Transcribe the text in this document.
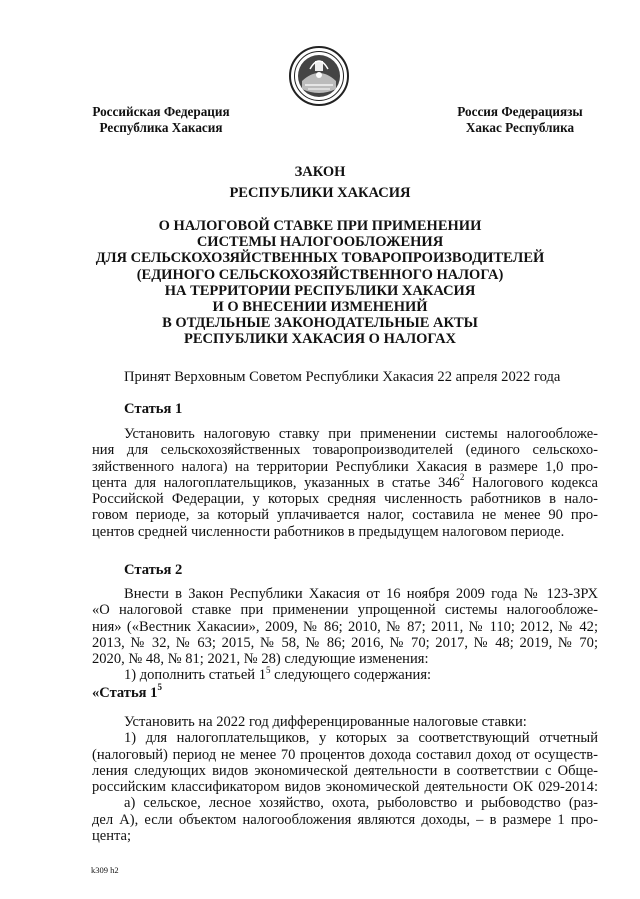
Российская Федерация
Республика Хакасия
Россия Федерациязы
Хакас Республика
ЗАКОН
РЕСПУБЛИКИ ХАКАСИЯ
О НАЛОГОВОЙ СТАВКЕ ПРИ ПРИМЕНЕНИИ
СИСТЕМЫ НАЛОГООБЛОЖЕНИЯ
ДЛЯ СЕЛЬСКОХОЗЯЙСТВЕННЫХ ТОВАРОПРОИЗВОДИТЕЛЕЙ
(ЕДИНОГО СЕЛЬСКОХОЗЯЙСТВЕННОГО НАЛОГА)
НА ТЕРРИТОРИИ РЕСПУБЛИКИ ХАКАСИЯ
И О ВНЕСЕНИИ ИЗМЕНЕНИЙ
В ОТДЕЛЬНЫЕ ЗАКОНОДАТЕЛЬНЫЕ АКТЫ
РЕСПУБЛИКИ ХАКАСИЯ О НАЛОГАХ
Принят Верховным Советом Республики Хакасия 22 апреля 2022 года
Статья 1
Установить налоговую ставку при применении системы налогообложе-
ния для сельскохозяйственных товаропроизводителей (единого сельскохо-
зяйственного налога) на территории Республики Хакасия в размере 1,0 про-
цента для налогоплательщиков, указанных в статье $346^2$ Налогового кодекса
Российской Федерации, у которых средняя численность работников в нало-
говом периоде, за который уплачивается налог, составила не менее 90 про-
центов средней численности работников в предыдущем налоговом периоде.
Статья 2
Внести в Закон Республики Хакасия от 16 ноября 2009 года № 123-ЗРХ
«О налоговой ставке при применении упрощенной системы налогообложе-
ния» («Вестник Хакасии», 2009, № 86; 2010, № 87; 2011, № 110; 2012, № 42;
2013, № 32, № 63; 2015, № 58, № 86; 2016, № 70; 2017, № 48; 2019, № 70;
2020, № 48, № 81; 2021, № 28) следующие изменения:
1) дополнить статьей $1^5$ следующего содержания:
«Статья $1^5$
Установить на 2022 год дифференцированные налоговые ставки:
1) для налогоплательщиков, у которых за соответствующий отчетный
(налоговый) период не менее 70 процентов дохода составил доход от осуществ-
ления следующих видов экономической деятельности в соответствии с Обще-
российским классификатором видов экономической деятельности ОК 029-2014:
а) сельское, лесное хозяйство, охота, рыболовство и рыбоводство (раз-
дел А), если объектом налогообложения являются доходы, – в размере 1 про-
цента;
k309 h2
